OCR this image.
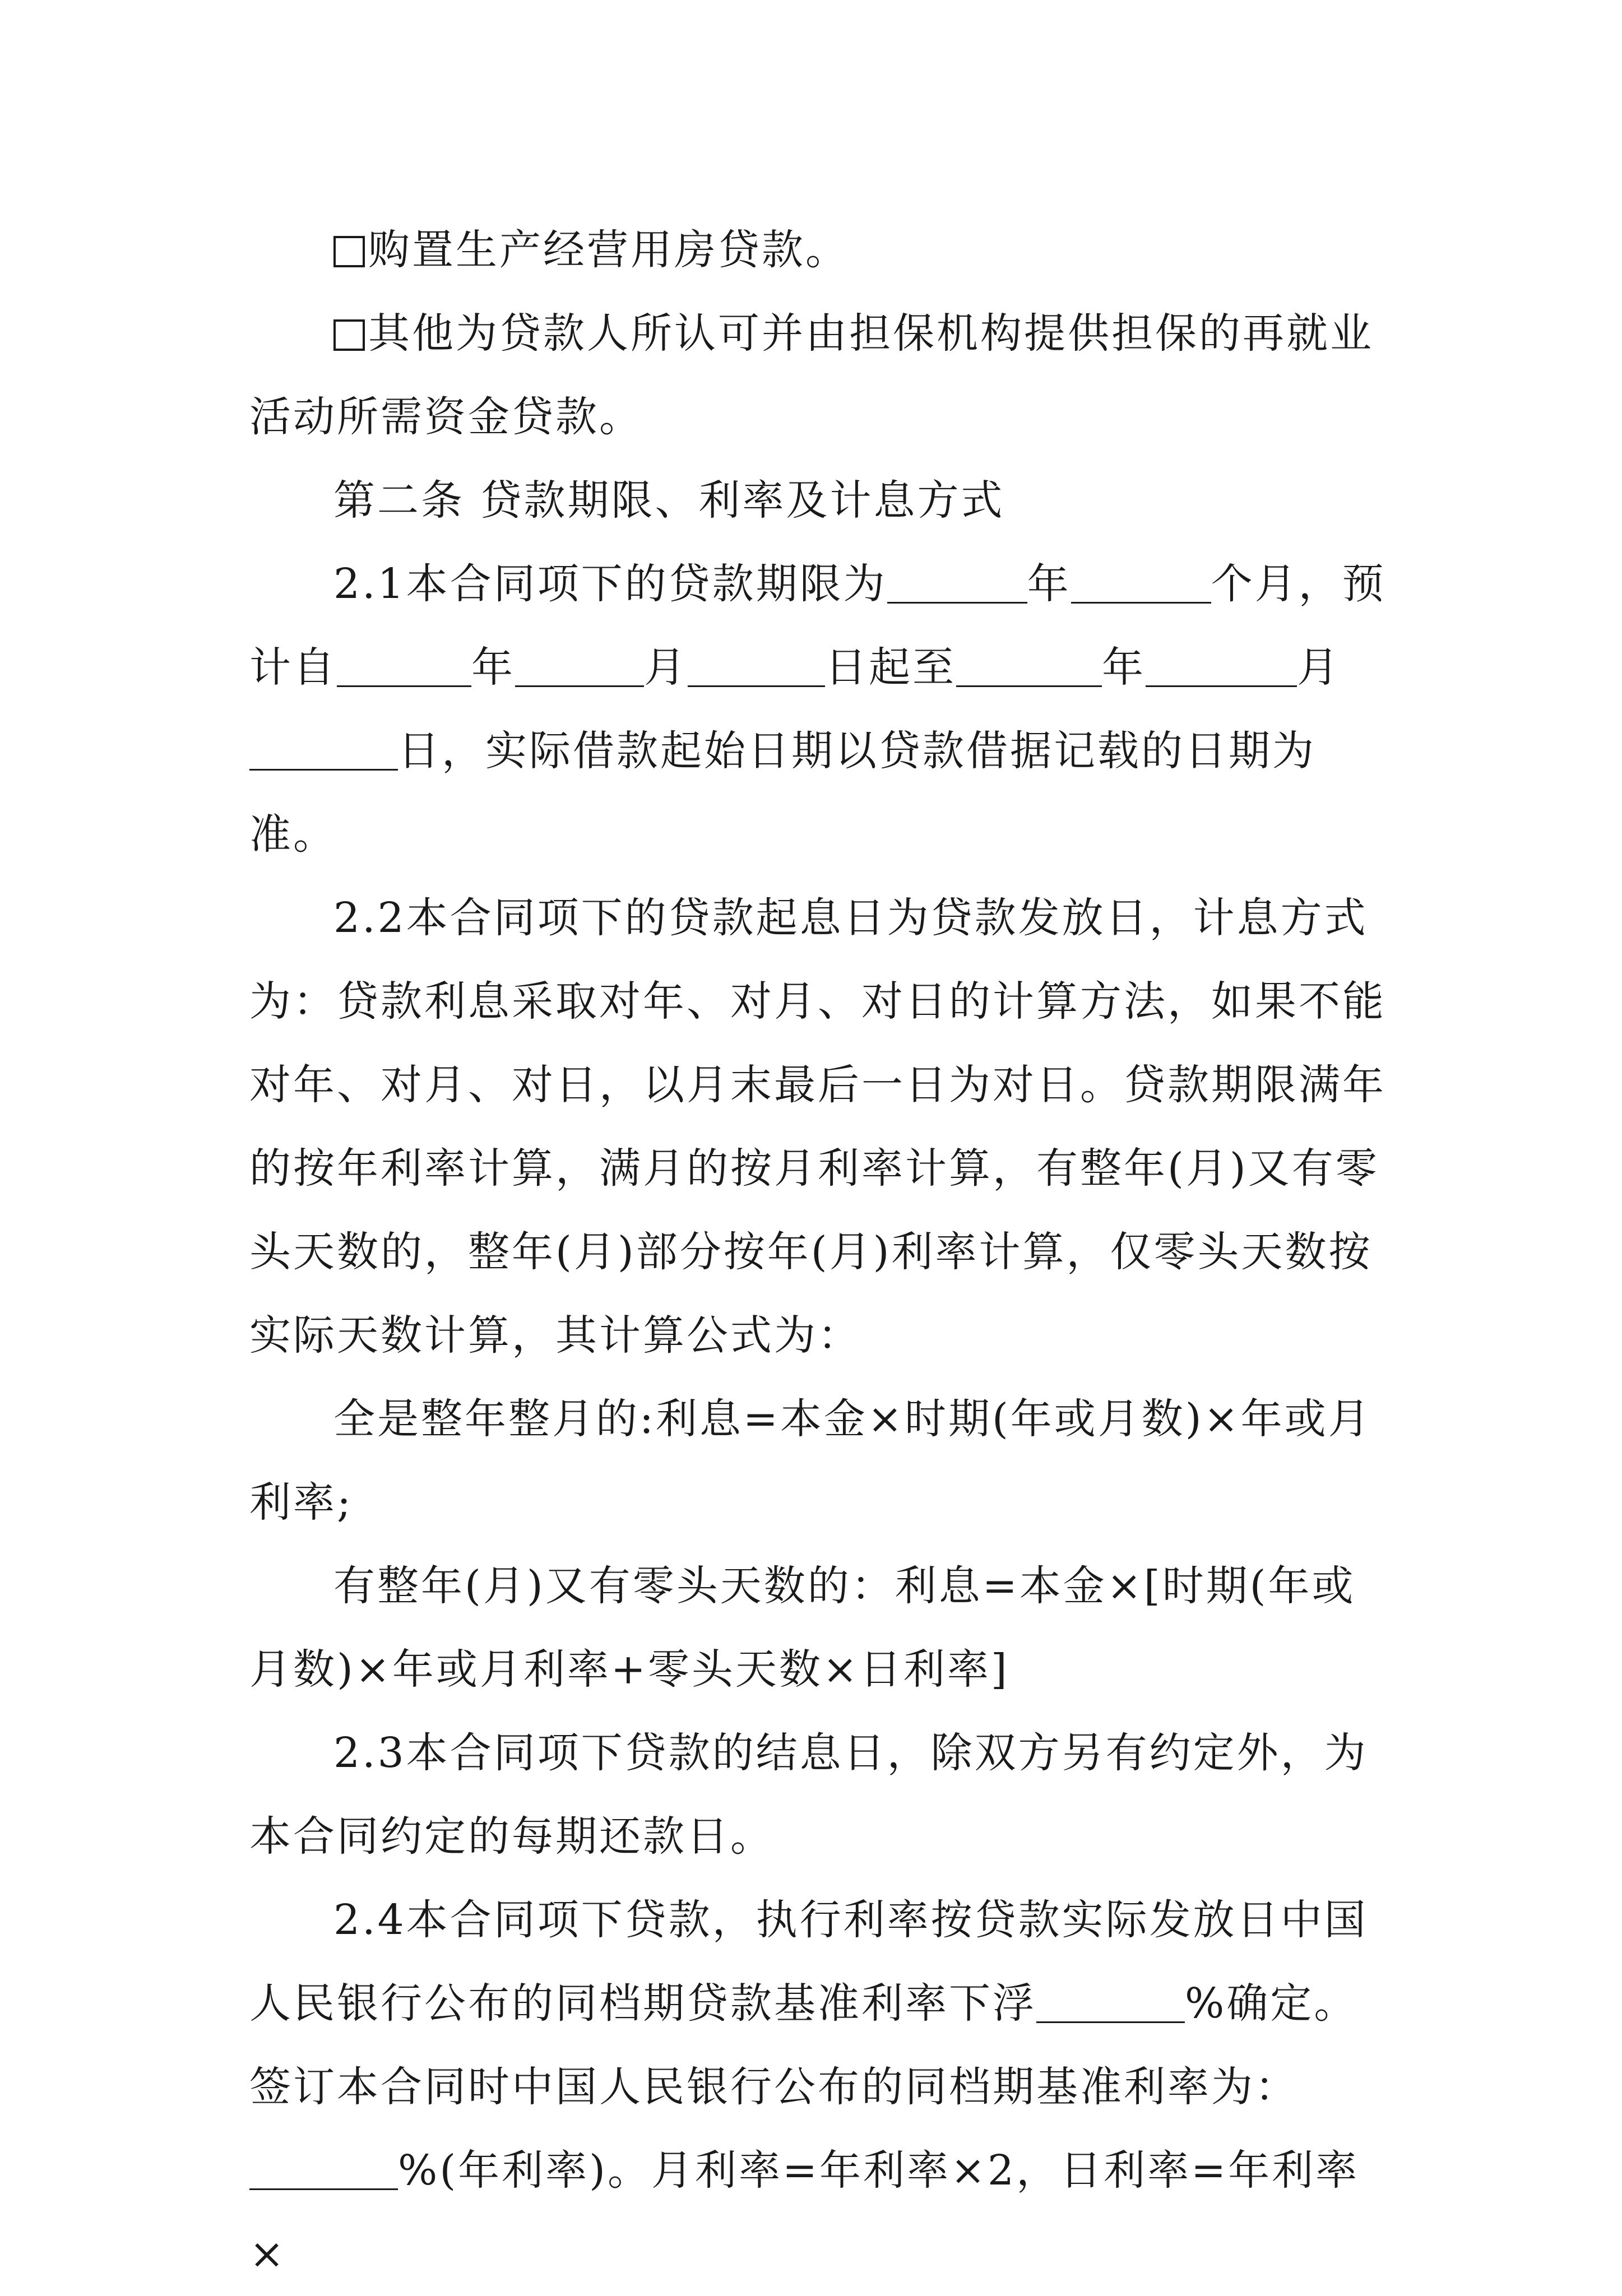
购置生产经营用房贷款。

其他为贷款人所认可并由担保机构提供担保的再就业活动所需资金贷款。

第二条 贷款期限、利率及计息方式

2.1本合同项下的贷款期限为	年	个月，预计自	年	月	日起至	年	月日，实际借款起始日期以贷款借据记载的日期为准。

2.2本合同项下的贷款起息日为贷款发放日，计息方式为：贷款利息采取对年、对月、对日的计算方法，如果不能对年、对月、对日，以月末最后一日为对日。贷款期限满年的按年利率计算，满月的按月利率计算，有整年(月)又有零头天数的，整年(月)部分按年(月)利率计算，仅零头天数按实际天数计算，其计算公式为：

全是整年整月的:利息=本金×时期(年或月数)×年或月利率;

有整年(月)又有零头天数的：利息=本金×[时期(年或月数)×年或月利率+零头天数×日利率]

2.3本合同项下贷款的结息日，除双方另有约定外，为本合同约定的每期还款日。

2.4本合同项下贷款，执行利率按贷款实际发放日中国人民银行公布的同档期贷款基准利率下浮	%确定。签订本合同时中国人民银行公布的同档期基准利率为：%(年利率)。月利率=年利率×2，日利率=年利率×
